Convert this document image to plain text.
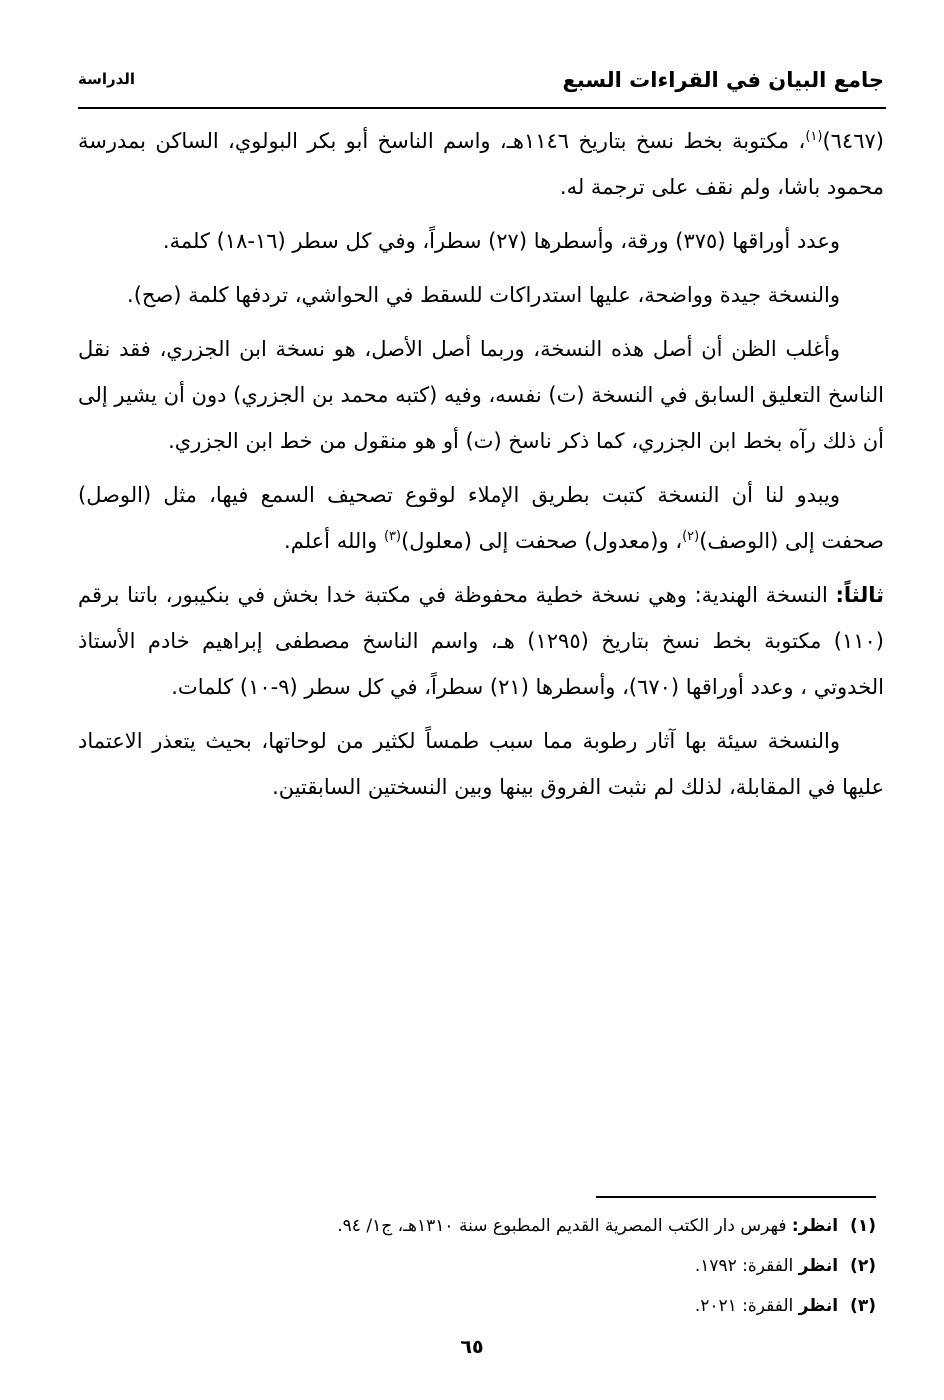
جامع البيان في القراءات السبع
الدراسة

(٦٤٦٧)$^{(١)}$، مكتوبة بخط نسخ بتاريخ ١١٤٦هـ، واسم الناسخ أبو بكر البولوي، الساكن بمدرسة محمود باشا، ولم نقف على ترجمة له.

وعدد أوراقها (٣٧٥) ورقة، وأسطرها (٢٧) سطراً، وفي كل سطر (١٦-١٨) كلمة.

والنسخة جيدة وواضحة، عليها استدراكات للسقط في الحواشي، تردفها كلمة (صح).

وأغلب الظن أن أصل هذه النسخة، وربما أصل الأصل، هو نسخة ابن الجزري، فقد نقل الناسخ التعليق السابق في النسخة (ت) نفسه، وفيه (كتبه محمد بن الجزري) دون أن يشير إلى أن ذلك رآه بخط ابن الجزري، كما ذكر ناسخ (ت) أو هو منقول من خط ابن الجزري.

ويبدو لنا أن النسخة كتبت بطريق الإملاء لوقوع تصحيف السمع فيها، مثل (الوصل) صحفت إلى (الوصف)$^{(٢)}$، و(معدول) صحفت إلى (معلول)$^{(٣)}$ والله أعلم.

ثالثاً: النسخة الهندية: وهي نسخة خطية محفوظة في مكتبة خدا بخش في بنكيبور، باتنا برقم (١١٠) مكتوبة بخط نسخ بتاريخ (١٢٩٥) هـ، واسم الناسخ مصطفى إبراهيم خادم الأستاذ الخدوتي ، وعدد أوراقها (٦٧٠)، وأسطرها (٢١) سطراً، في كل سطر (٩-١٠) كلمات.

والنسخة سيئة بها آثار رطوبة مما سبب طمساً لكثير من لوحاتها، بحيث يتعذر الاعتماد عليها في المقابلة، لذلك لم نثبت الفروق بينها وبين النسختين السابقتين.

(١)انظر: فهرس دار الكتب المصرية القديم المطبوع سنة ١٣١٠هـ، ج١/ ٩٤.
(٢)انظر الفقرة: ١٧٩٢.
(٣)انظر الفقرة: ٢٠٢١.
٦٥
